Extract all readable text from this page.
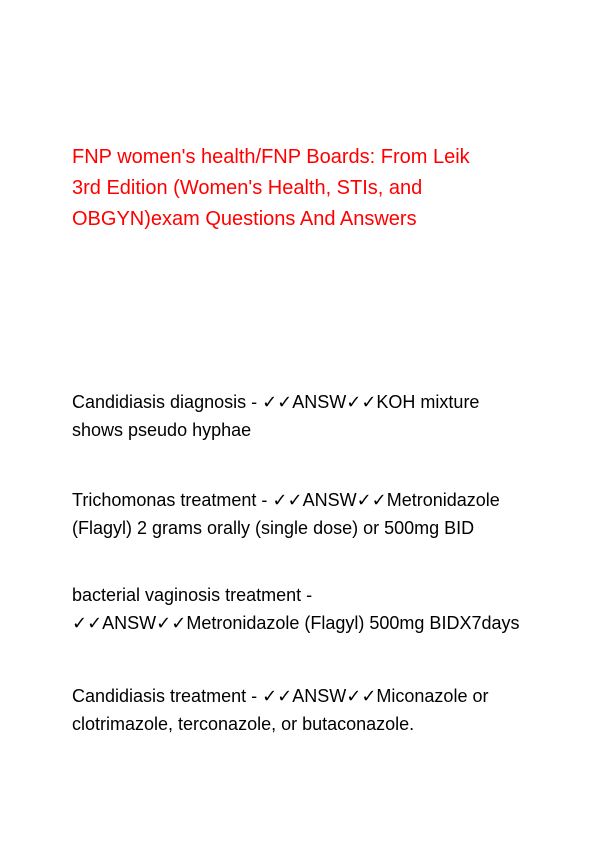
FNP women's health/FNP Boards: From Leik
3rd Edition (Women's Health, STIs, and
OBGYN)exam Questions And Answers

Candidiasis diagnosis - ✓✓ANSW✓✓KOH mixture
shows pseudo hyphae

Trichomonas treatment - ✓✓ANSW✓✓Metronidazole
(Flagyl) 2 grams orally (single dose) or 500mg BID

bacterial vaginosis treatment -
✓✓ANSW✓✓Metronidazole (Flagyl) 500mg BIDX7days

Candidiasis treatment - ✓✓ANSW✓✓Miconazole or
clotrimazole, terconazole, or butaconazole.
